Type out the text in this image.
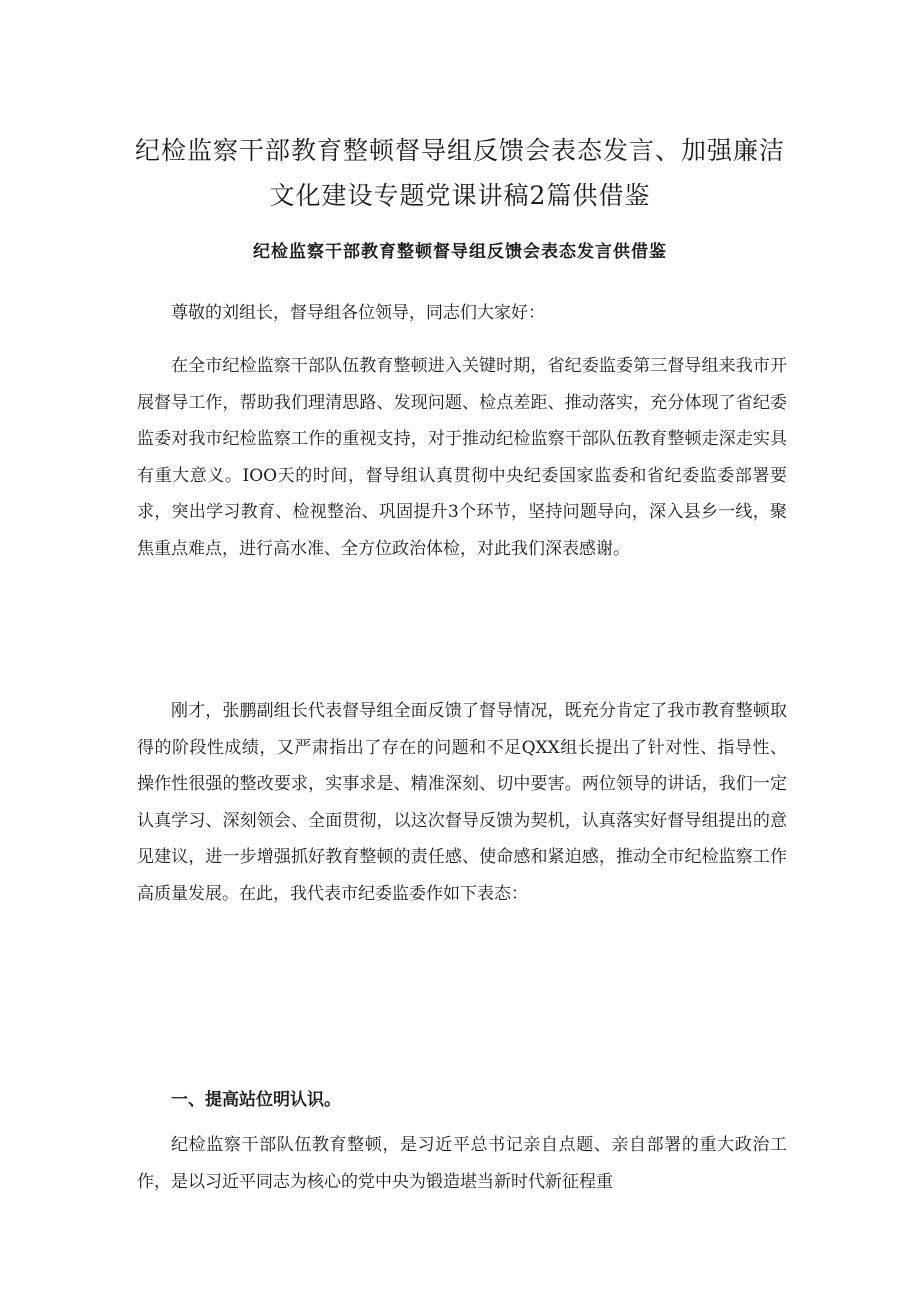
纪检监察干部教育整顿督导组反馈会表态发言、加强廉洁文化建设专题党课讲稿2篇供借鉴
纪检监察干部教育整顿督导组反馈会表态发言供借鉴

尊敬的刘组长，督导组各位领导，同志们大家好：

在全市纪检监察干部队伍教育整顿进入关键时期，省纪委监委第三督导组来我市开展督导工作，帮助我们理清思路、发现问题、检点差距、推动落实，充分体现了省纪委监委对我市纪检监察工作的重视支持，对于推动纪检监察干部队伍教育整顿走深走实具有重大意义。IOO天的时间，督导组认真贯彻中央纪委国家监委和省纪委监委部署要求，突出学习教育、检视整治、巩固提升3个环节，坚持问题导向，深入县乡一线，聚焦重点难点，进行高水准、全方位政治体检，对此我们深表感谢。

刚才，张鹏副组长代表督导组全面反馈了督导情况，既充分肯定了我市教育整顿取得的阶段性成绩，又严肃指出了存在的问题和不足QXX组长提出了针对性、指导性、操作性很强的整改要求，实事求是、精准深刻、切中要害。两位领导的讲话，我们一定认真学习、深刻领会、全面贯彻，以这次督导反馈为契机，认真落实好督导组提出的意见建议，进一步增强抓好教育整顿的责任感、使命感和紧迫感，推动全市纪检监察工作高质量发展。在此，我代表市纪委监委作如下表态：

一、提高站位明认识。

纪检监察干部队伍教育整顿，是习近平总书记亲自点题、亲自部署的重大政治工作，是以习近平同志为核心的党中央为锻造堪当新时代新征程重
